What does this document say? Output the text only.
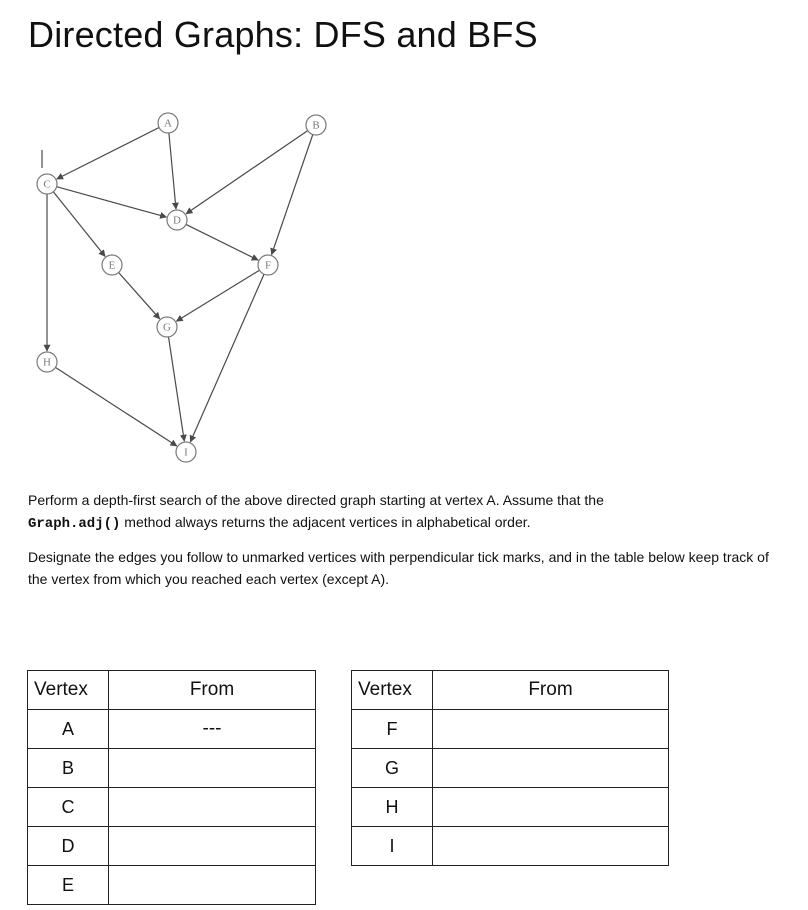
Directed Graphs: DFS and BFS
A	B
C
D
E	F
G
H
I

Perform a depth-first search of the above directed graph starting at vertex A. Assume that the
Graph.adj() method always returns the adjacent vertices in alphabetical order.

Designate the edges you follow to unmarked vertices with perpendicular tick marks, and in the table below keep track of the vertex from which you reached each vertex (except A).

Vertex	From
A	---
B	
C	
D	
E	
Vertex	From
F	
G	
H	
I	
